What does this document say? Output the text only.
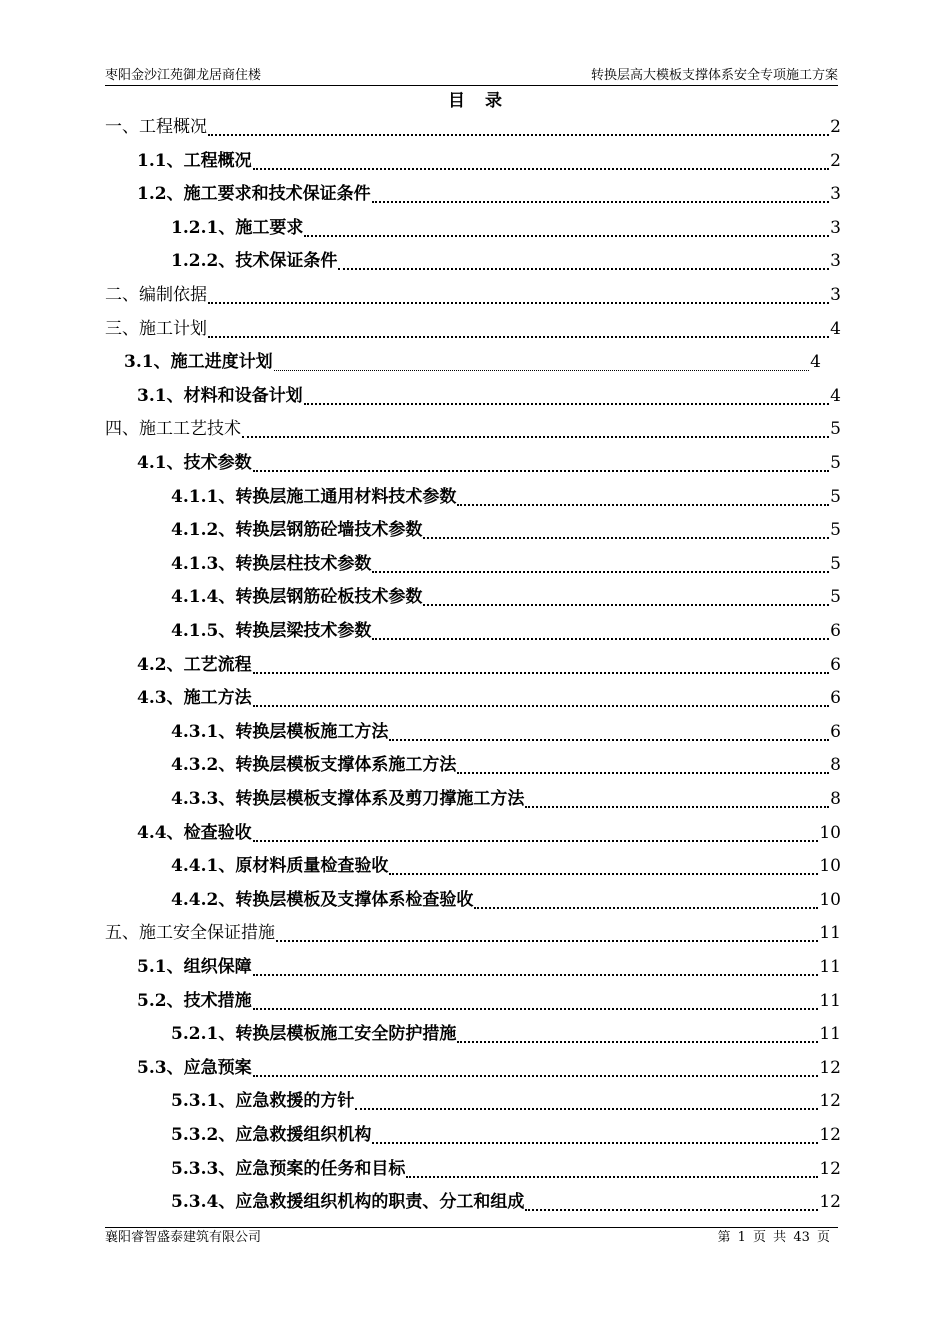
枣阳金沙江苑御龙居商住楼	转换层高大模板支撑体系安全专项施工方案
目录
一、工程概况	2
1.1、工程概况	2
1.2、施工要求和技术保证条件	3
1.2.1、施工要求	3
1.2.2、技术保证条件	3
二、编制依据	3
三、施工计划	4
3.1、施工进度计划	4
3.1、材料和设备计划	4
四、施工工艺技术	5
4.1、技术参数	5
4.1.1、转换层施工通用材料技术参数	5
4.1.2、转换层钢筋砼墙技术参数	5
4.1.3、转换层柱技术参数	5
4.1.4、转换层钢筋砼板技术参数	5
4.1.5、转换层梁技术参数	6
4.2、工艺流程	6
4.3、施工方法	6
4.3.1、转换层模板施工方法	6
4.3.2、转换层模板支撑体系施工方法	8
4.3.3、转换层模板支撑体系及剪刀撑施工方法	8
4.4、检查验收	10
4.4.1、原材料质量检查验收	10
4.4.2、转换层模板及支撑体系检查验收	10
五、施工安全保证措施	11
5.1、组织保障	11
5.2、技术措施	11
5.2.1、转换层模板施工安全防护措施	11
5.3、应急预案	12
5.3.1、应急救援的方针	12
5.3.2、应急救援组织机构	12
5.3.3、应急预案的任务和目标	12
5.3.4、应急救援组织机构的职责、分工和组成	12
襄阳睿智盛泰建筑有限公司	第 1 页 共 43 页
